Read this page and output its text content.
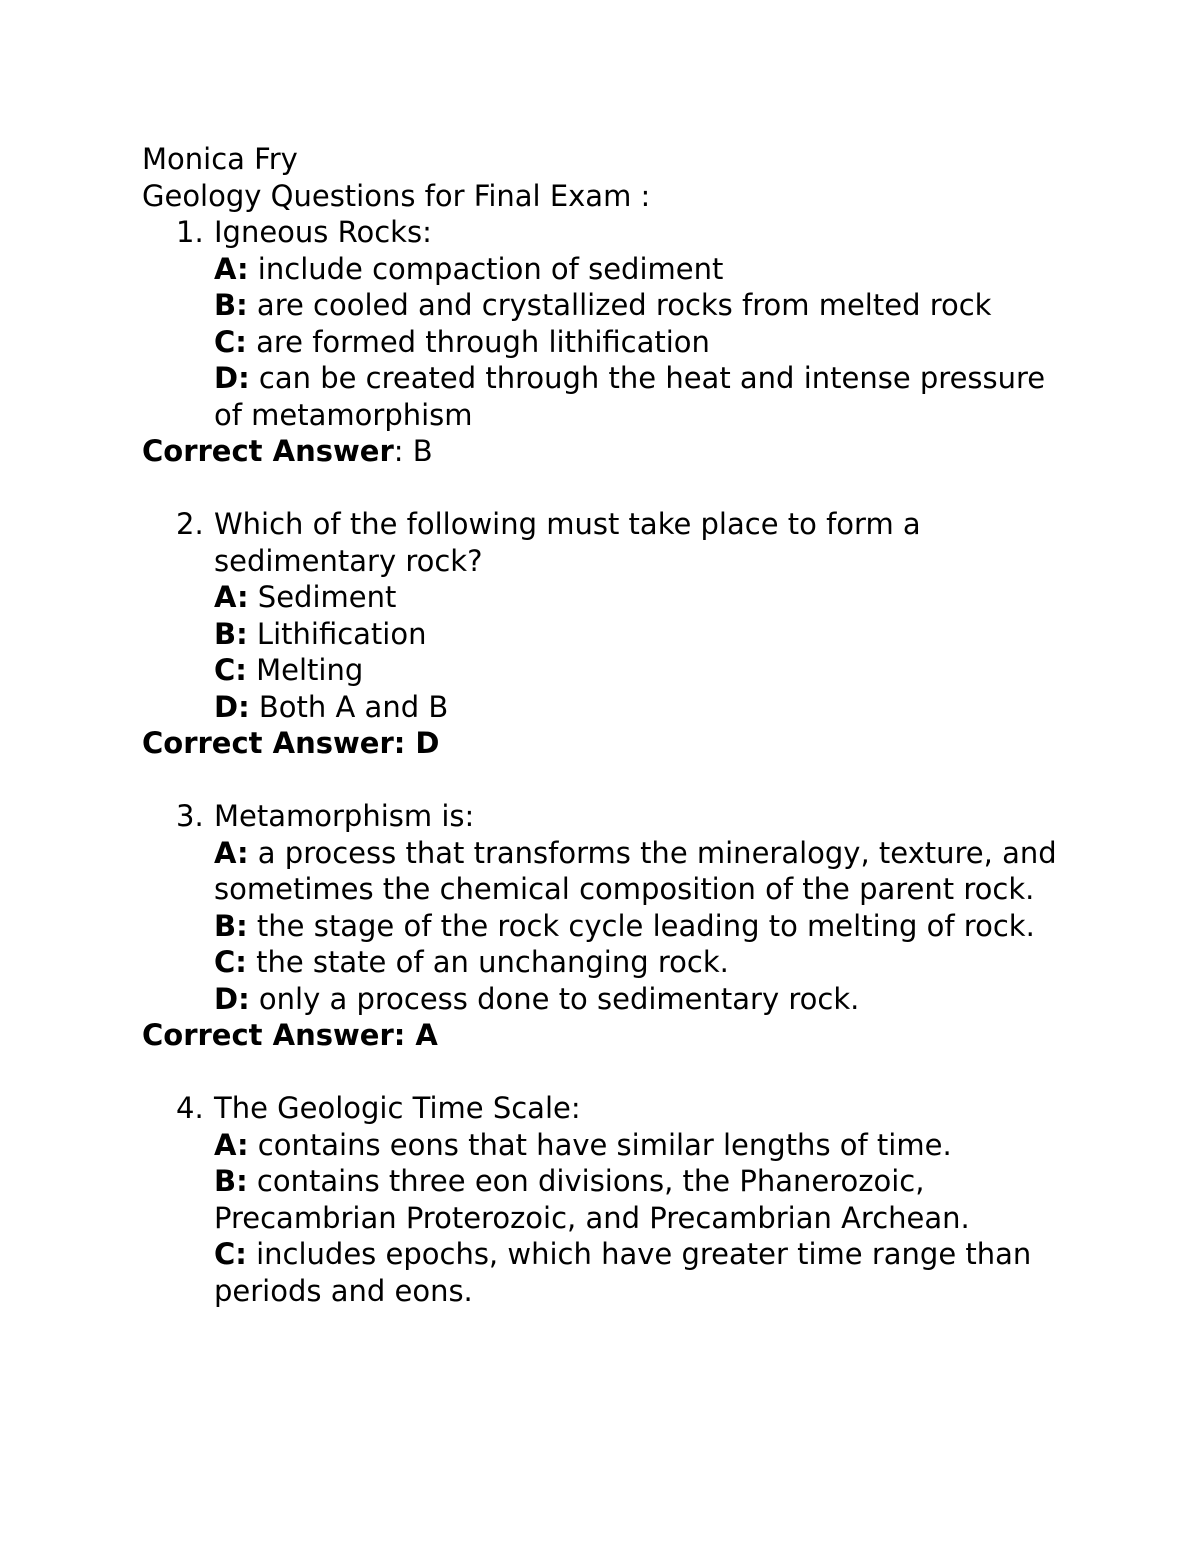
Monica Fry
Geology Questions for Final Exam :
1. Igneous Rocks:
A: include compaction of sediment
B: are cooled and crystallized rocks from melted rock
C: are formed through lithification
D: can be created through the heat and intense pressure of metamorphism
Correct Answer: B
2. Which of the following must take place to form a sedimentary rock?
A: Sediment
B: Lithification
C: Melting
D: Both A and B
Correct Answer: D
3. Metamorphism is:
A: a process that transforms the mineralogy, texture, and sometimes the chemical composition of the parent rock.
B: the stage of the rock cycle leading to melting of rock.
C: the state of an unchanging rock.
D: only a process done to sedimentary rock.
Correct Answer: A
4. The Geologic Time Scale:
A: contains eons that have similar lengths of time.
B: contains three eon divisions, the Phanerozoic, Precambrian Proterozoic, and Precambrian Archean.
C: includes epochs, which have greater time range than periods and eons.
